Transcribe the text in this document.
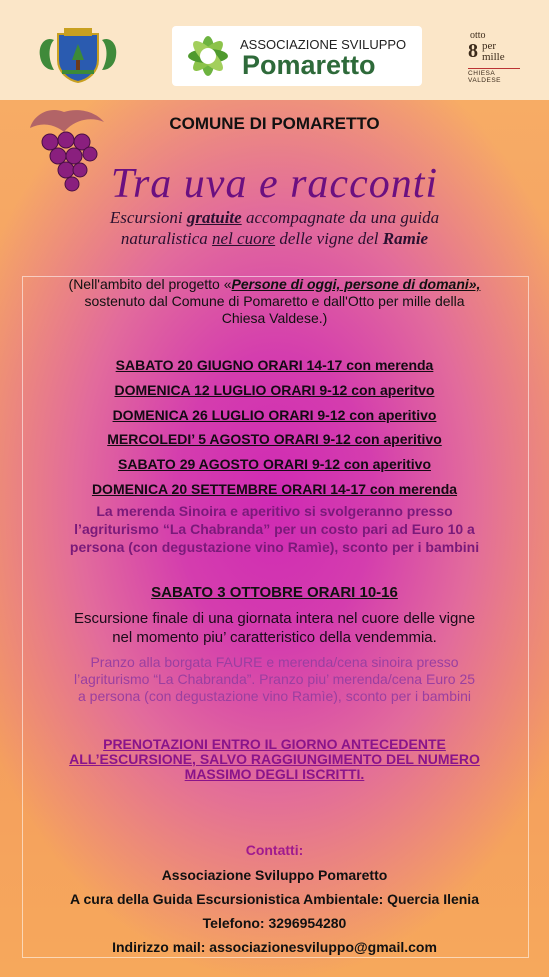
ASSOCIAZIONE SVILUPPO
Pomaretto	8
otto
per
mille
CHIESA VALDESE
COMUNE DI POMARETTO
Tra uva e racconti
Escursioni gratuite accompagnate da una guida
naturalistica nel cuore delle vigne del Ramie
(Nell'ambito del progetto «Persone di oggi, persone di domani»,
sostenuto dal Comune di Pomaretto e dall'Otto per mille della
Chiesa Valdese.)
SABATO 20 GIUGNO ORARI 14-17 con merenda
DOMENICA 12 LUGLIO ORARI 9-12 con aperitvo
DOMENICA 26 LUGLIO ORARI 9-12 con aperitivo
MERCOLEDI’ 5 AGOSTO ORARI 9-12 con aperitivo
SABATO 29 AGOSTO ORARI 9-12 con aperitivo
DOMENICA 20 SETTEMBRE ORARI 14-17 con merenda
La merenda Sinoira e aperitivo si svolgeranno presso
l’agriturismo “La Chabranda” per un costo pari ad Euro 10 a
persona (con degustazione vino Ramìe), sconto per i bambini
SABATO 3 OTTOBRE ORARI 10-16
Escursione finale di una giornata intera nel cuore delle vigne
nel momento piu’ caratteristico della vendemmia.
Pranzo alla borgata FAURE e merenda/cena sinoira presso
l’agriturismo “La Chabranda”. Pranzo piu’ merenda/cena Euro 25
a persona (con degustazione vino Ramìe), sconto per i bambini
PRENOTAZIONI ENTRO IL GIORNO ANTECEDENTE
ALL’ESCURSIONE, SALVO RAGGIUNGIMENTO DEL NUMERO
MASSIMO DEGLI ISCRITTI.
Contatti:
Associazione Sviluppo Pomaretto
A cura della Guida Escursionistica Ambientale: Quercia Ilenia
Telefono: 3296954280
Indirizzo mail: associazionesviluppo@gmail.com
